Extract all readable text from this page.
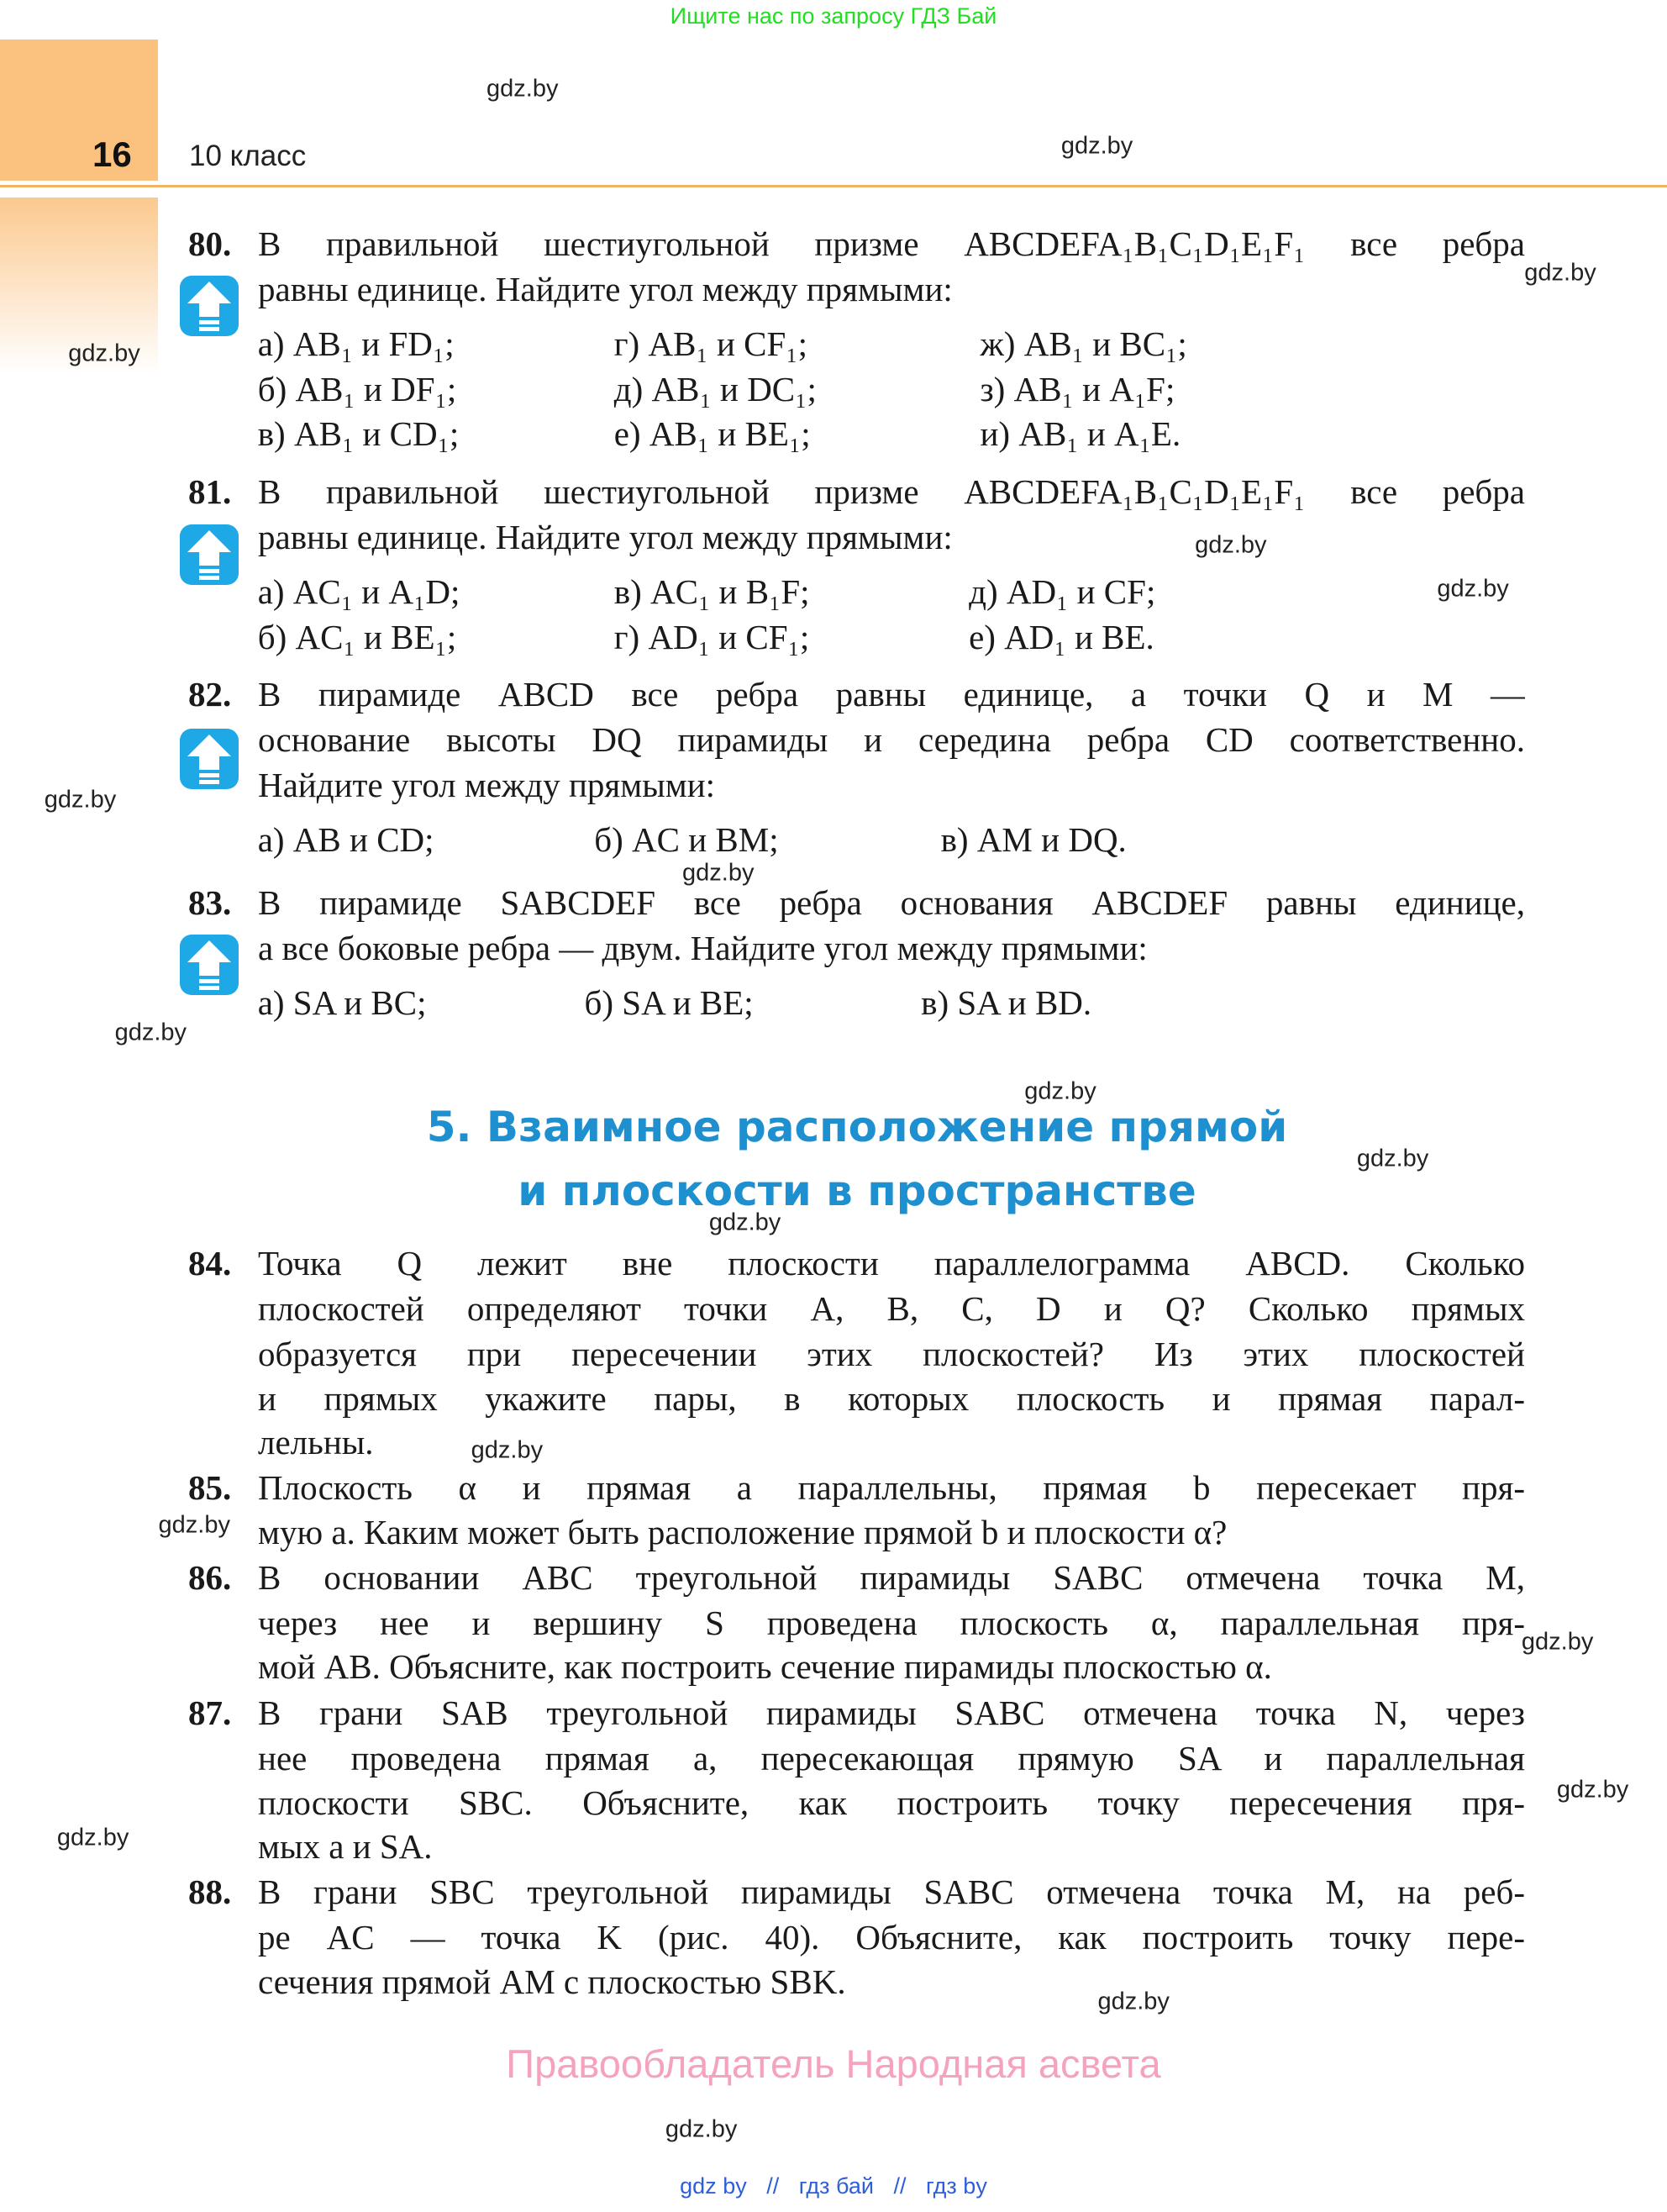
Ищите нас по запросу ГДЗ Бай
16 10 класс
80. В правильной шестиугольной призме ABCDEFA₁B₁C₁D₁E₁F₁ все ребра
равны единице. Найдите угол между прямыми:
а) AB₁ и FD₁;	г) AB₁ и CF₁;	ж) AB₁ и BC₁;
б) AB₁ и DF₁;	д) AB₁ и DC₁;	з) AB₁ и A₁F;
в) AB₁ и CD₁;	е) AB₁ и BE₁;	и) AB₁ и A₁E.
81. В правильной шестиугольной призме ABCDEFA₁B₁C₁D₁E₁F₁ все ребра
равны единице. Найдите угол между прямыми:
а) AC₁ и A₁D;	в) AC₁ и B₁F;	д) AD₁ и CF;
б) AC₁ и BE₁;	г) AD₁ и CF₁;	е) AD₁ и BE.
82. В пирамиде ABCD все ребра равны единице, а точки Q и M —
основание высоты DQ пирамиды и середина ребра CD соответственно.
Найдите угол между прямыми:
а) AB и CD;	б) AC и BM;	в) AM и DQ.
83. В пирамиде SABCDEF все ребра основания ABCDEF равны единице,
а все боковые ребра — двум. Найдите угол между прямыми:
а) SA и BC;	б) SA и BE;	в) SA и BD.
84. Точка Q лежит вне плоскости параллелограмма ABCD. Сколько
плоскостей определяют точки A, B, C, D и Q? Сколько прямых
образуется при пересечении этих плоскостей? Из этих плоскостей
и прямых укажите пары, в которых плоскость и прямая парал-
лельны.
85. Плоскость α и прямая a параллельны, прямая b пересекает пря-
мую a. Каким может быть расположение прямой b и плоскости α?
86. В основании ABC треугольной пирамиды SABC отмечена точка M,
через нее и вершину S проведена плоскость α, параллельная пря-
мой AB. Объясните, как построить сечение пирамиды плоскостью α.
87. В грани SAB треугольной пирамиды SABC отмечена точка N, через
нее проведена прямая a, пересекающая прямую SA и параллельная
плоскости SBC. Объясните, как построить точку пересечения пря-
мых a и SA.
88. В грани SBC треугольной пирамиды SABC отмечена точка M, на реб-
ре AC — точка K (рис. 40). Объясните, как построить точку пере-
сечения прямой AM с плоскостью SBK.
5. Взаимное расположение прямой
и плоскости в пространстве
gdz.by
gdz.by
gdz.by
gdz.by
gdz.by
gdz.by
gdz.by
gdz.by
gdz.by
gdz.by
gdz.by
gdz.by
gdz.by
gdz.by
gdz.by
gdz.by
gdz.by
gdz.by
gdz.by
Правообладатель Народная асвета
gdz by // гдз бай // гдз by
